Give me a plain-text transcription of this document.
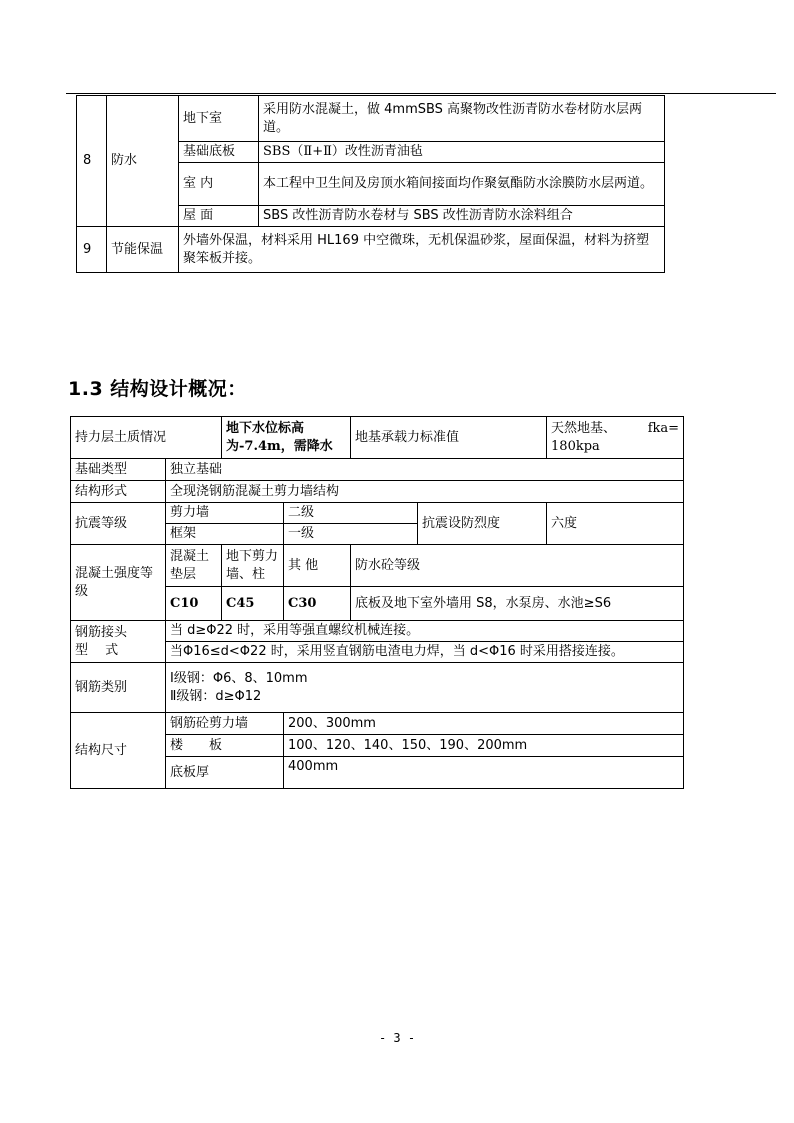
8	防水	地下室	采用防水混凝土，做 4mmSBS 高聚物改性沥青防水卷材防水层两道。
		基础底板	SBS（Ⅱ+Ⅱ）改性沥青油毡
		室 内	本工程中卫生间及房顶水箱间接面均作聚氨酯防水涂膜防水层两道。
		屋 面	SBS 改性沥青防水卷材与 SBS 改性沥青防水涂料组合
9	节能保温	外墙外保温，材料采用 HL169 中空微珠，无机保温砂浆，屋面保温，材料为挤塑聚笨板并接。	
1.3 结构设计概况：
持力层土质情况		地下水位标高为-7.4m，需降水		地基承载力标准值		天然地基、 fka=
180kpa

基础类型	独立基础					
结构形式	全现浇钢筋混凝土剪力墙结构					
抗震等级	剪力墙		二级		抗震设防烈度	六度
	框架		一级			
混凝土强度等级	混凝土垫层	地下剪力墙、柱	其 他	防水砼等级		
	C10	C45	C30	底板及地下室外墙用 S8，水泵房、水池≥S6		

钢筋接头
型　 式	当 d≥Φ22 时，采用等强直螺纹机械连接。					
	当Φ16≤d<Φ22 时，采用竖直钢筋电渣电力焊，当 d<Φ16 时采用搭接连接。					
钢筋类别	Ⅰ级钢：Φ6、8、10mm
Ⅱ级钢：d≥Φ12					

结构尺寸	钢筋砼剪力墙		200、300mm			
	楼　　板		100、120、140、150、190、200mm			
	底板厚		400mm			
- 3 -
